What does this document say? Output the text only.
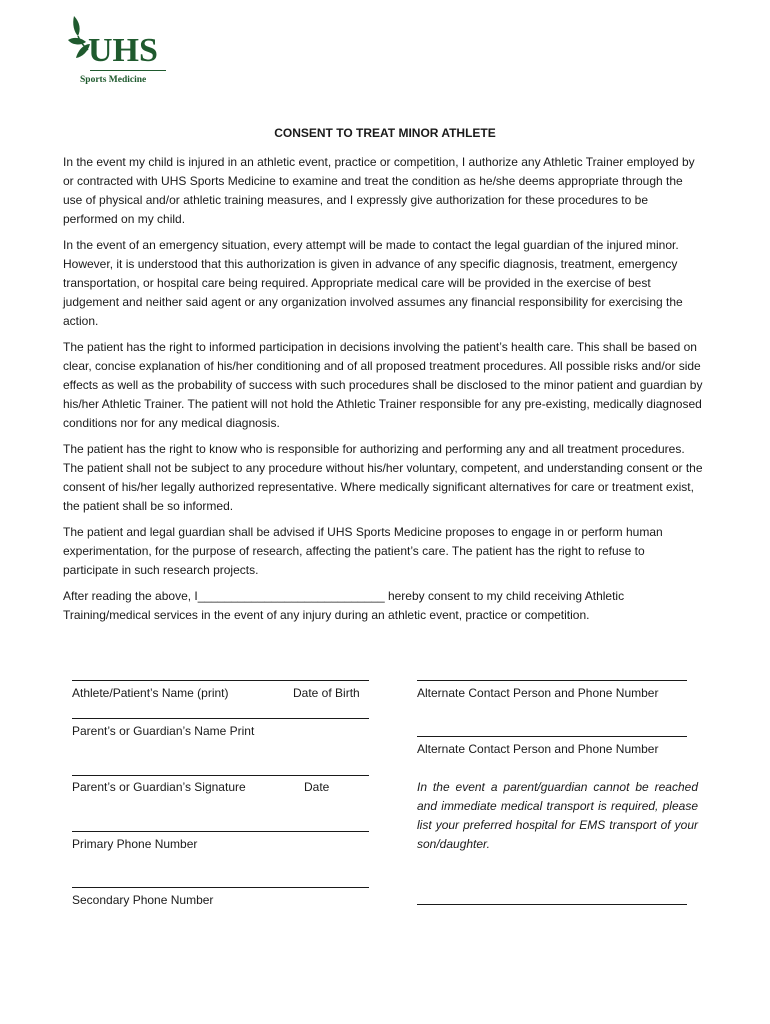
UHS
Sports Medicine
CONSENT TO TREAT MINOR ATHLETE

In the event my child is injured in an athletic event, practice or competition, I authorize any Athletic Trainer employed by or contracted with UHS Sports Medicine to examine and treat the condition as he/she deems appropriate through the use of physical and/or athletic training measures, and I expressly give authorization for these procedures to be performed on my child.

In the event of an emergency situation, every attempt will be made to contact the legal guardian of the injured minor. However, it is understood that this authorization is given in advance of any specific diagnosis, treatment, emergency transportation, or hospital care being required. Appropriate medical care will be provided in the exercise of best judgement and neither said agent or any organization involved assumes any financial responsibility for exercising the action.

The patient has the right to informed participation in decisions involving the patient’s health care. This shall be based on clear, concise explanation of his/her conditioning and of all proposed treatment procedures. All possible risks and/or side effects as well as the probability of success with such procedures shall be disclosed to the minor patient and guardian by his/her Athletic Trainer. The patient will not hold the Athletic Trainer responsible for any pre-existing, medically diagnosed conditions nor for any medical diagnosis.

The patient has the right to know who is responsible for authorizing and performing any and all treatment procedures. The patient shall not be subject to any procedure without his/her voluntary, competent, and understanding consent or the consent of his/her legally authorized representative. Where medically significant alternatives for care or treatment exist, the patient shall be so informed.

The patient and legal guardian shall be advised if UHS Sports Medicine proposes to engage in or perform human experimentation, for the purpose of research, affecting the patient’s care. The patient has the right to refuse to participate in such research projects.

After reading the above, I____________________________ hereby consent to my child receiving Athletic Training/medical services in the event of any injury during an athletic event, practice or competition.

Athlete/Patient’s Name (print)	Date of Birth
Parent’s or Guardian’s Name Print
Parent’s or Guardian’s Signature	Date
Primary Phone Number
Secondary Phone Number
Alternate Contact Person and Phone Number
Alternate Contact Person and Phone Number
In the event a parent/guardian cannot be reached and immediate medical transport is required, please list your preferred hospital for EMS transport of your son/daughter.
